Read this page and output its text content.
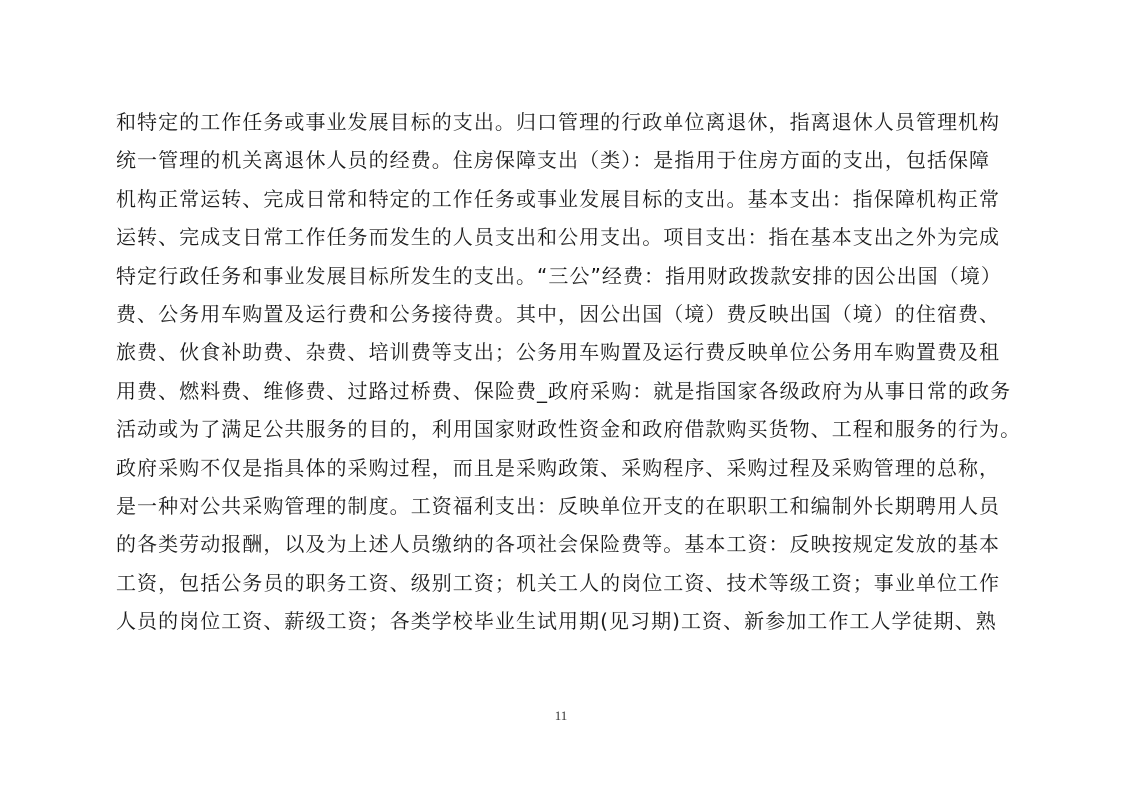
和特定的工作任务或事业发展目标的支出。归口管理的行政单位离退休，指离退休人员管理机构
统一管理的机关离退休人员的经费。住房保障支出（类）：是指用于住房方面的支出，包括保障
机构正常运转、完成日常和特定的工作任务或事业发展目标的支出。基本支出：指保障机构正常
运转、完成支日常工作任务而发生的人员支出和公用支出。项目支出：指在基本支出之外为完成
特定行政任务和事业发展目标所发生的支出。“三公”经费：指用财政拨款安排的因公出国（境）
费、公务用车购置及运行费和公务接待费。其中，因公出国（境）费反映出国（境）的住宿费、
旅费、伙食补助费、杂费、培训费等支出；公务用车购置及运行费反映单位公务用车购置费及租
用费、燃料费、维修费、过路过桥费、保险费_政府采购：就是指国家各级政府为从事日常的政务
活动或为了满足公共服务的目的，利用国家财政性资金和政府借款购买货物、工程和服务的行为。
政府采购不仅是指具体的采购过程，而且是采购政策、采购程序、采购过程及采购管理的总称，
是一种对公共采购管理的制度。工资福利支出：反映单位开支的在职职工和编制外长期聘用人员
的各类劳动报酬，以及为上述人员缴纳的各项社会保险费等。基本工资：反映按规定发放的基本
工资，包括公务员的职务工资、级别工资；机关工人的岗位工资、技术等级工资；事业单位工作
人员的岗位工资、薪级工资；各类学校毕业生试用期(见习期)工资、新参加工作工人学徒期、熟
11
